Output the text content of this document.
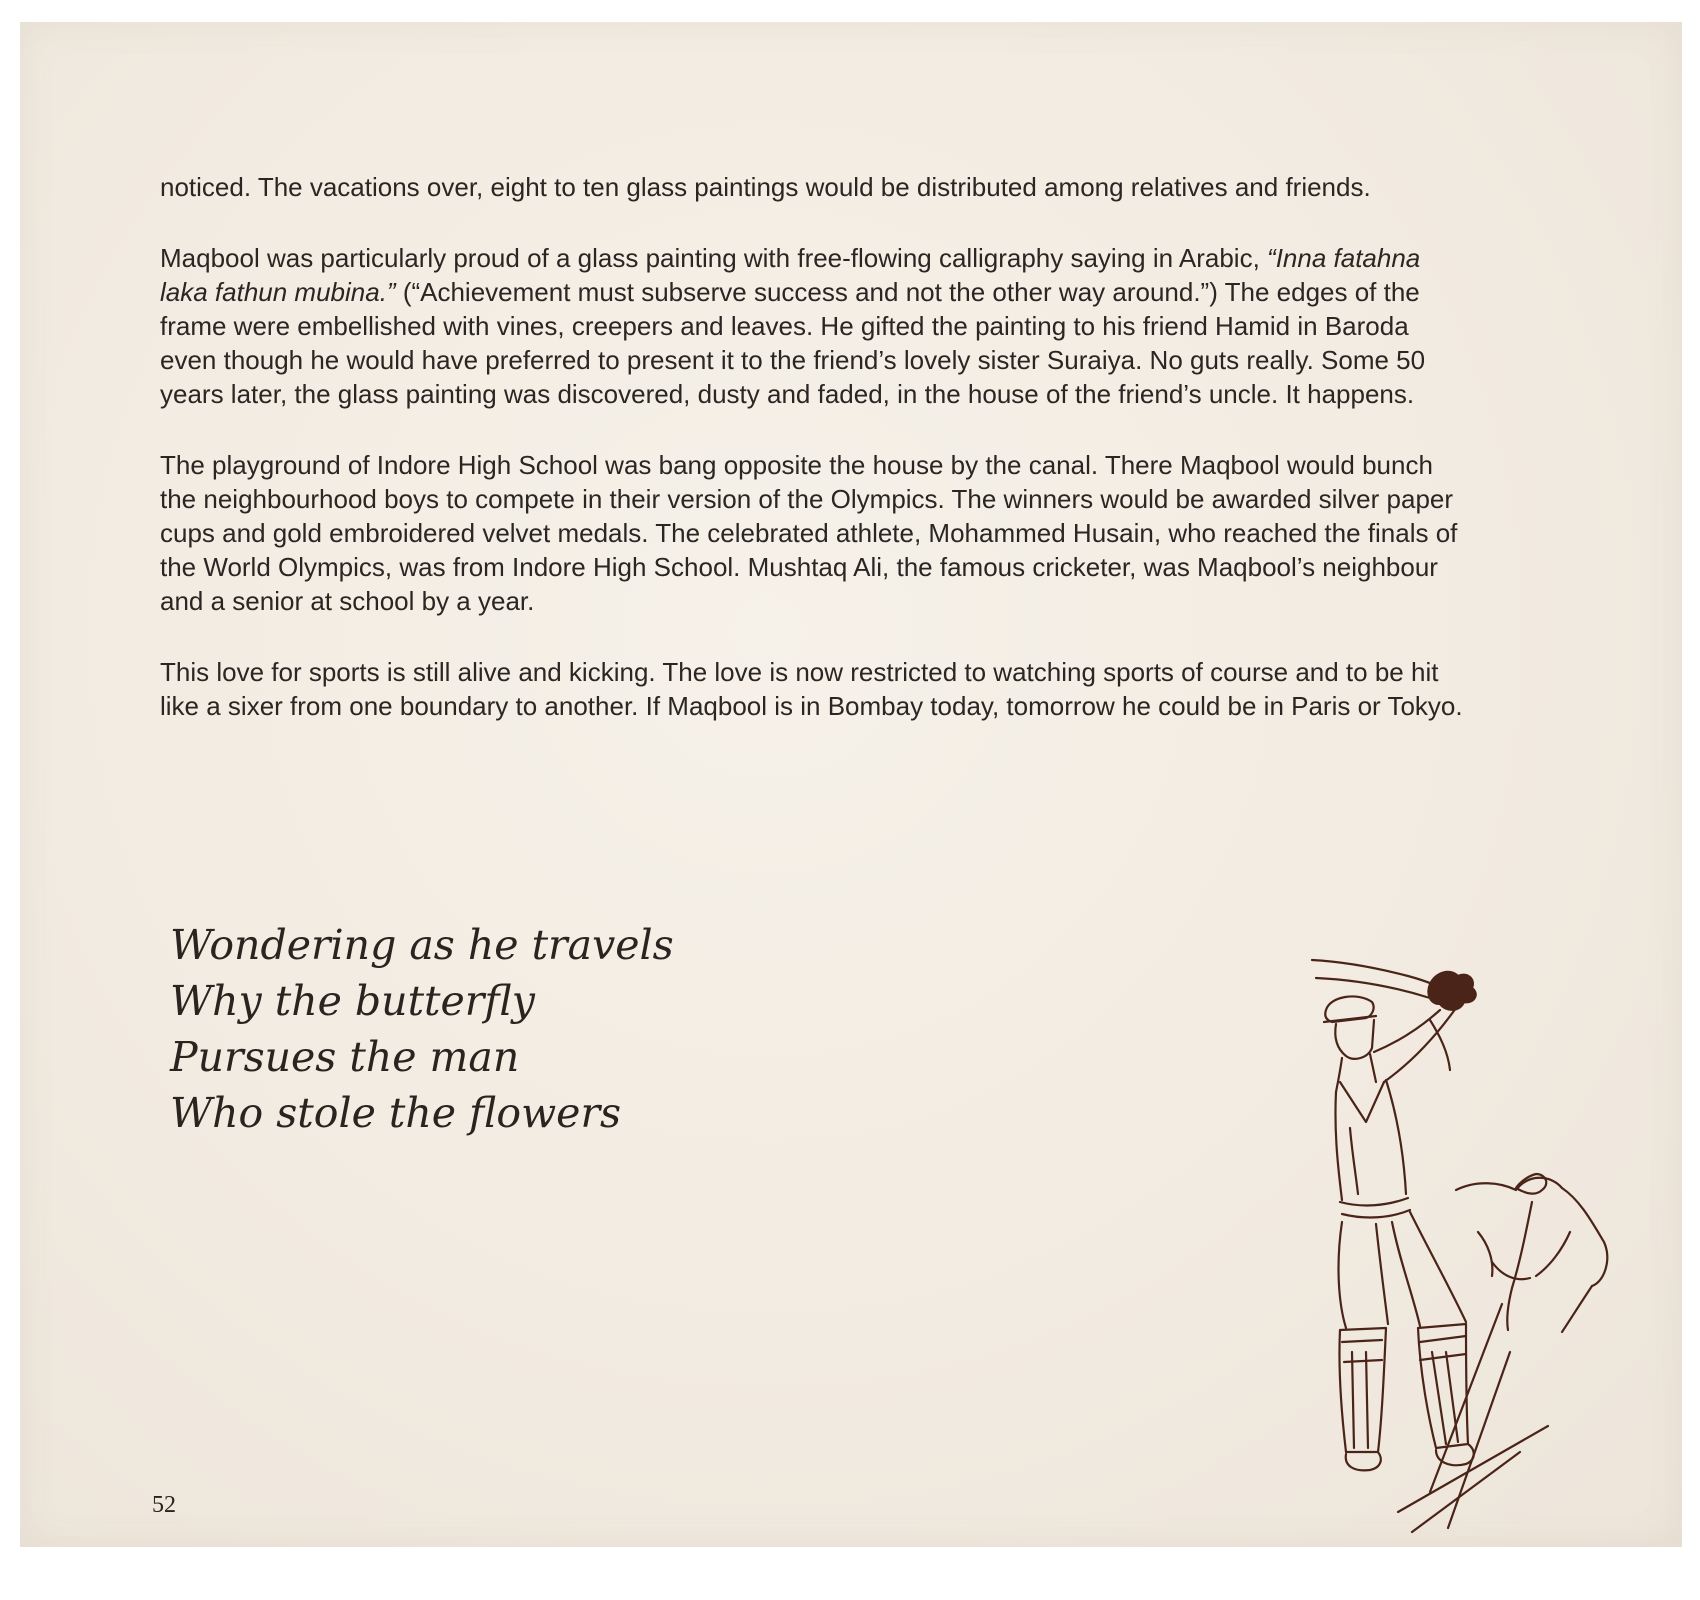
noticed. The vacations over, eight to ten glass paintings would be distributed among relatives and friends.

Maqbool was particularly proud of a glass painting with free-flowing calligraphy saying in Arabic, “Inna fatahna laka fathun mubina.” (“Achievement must subserve success and not the other way around.”) The edges of the frame were embellished with vines, creepers and leaves. He gifted the painting to his friend Hamid in Baroda even though he would have preferred to present it to the friend’s lovely sister Suraiya. No guts really. Some 50 years later, the glass painting was discovered, dusty and faded, in the house of the friend’s uncle. It happens.

The playground of Indore High School was bang opposite the house by the canal. There Maqbool would bunch the neighbourhood boys to compete in their version of the Olympics. The winners would be awarded silver paper cups and gold embroidered velvet medals. The celebrated athlete, Mohammed Husain, who reached the finals of the World Olympics, was from Indore High School. Mushtaq Ali, the famous cricketer, was Maqbool’s neighbour and a senior at school by a year.

This love for sports is still alive and kicking. The love is now restricted to watching sports of course and to be hit like a sixer from one boundary to another. If Maqbool is in Bombay today, tomorrow he could be in Paris or Tokyo.

Wondering as he travels
Why the butterfly
Pursues the man
Who stole the flowers
52
